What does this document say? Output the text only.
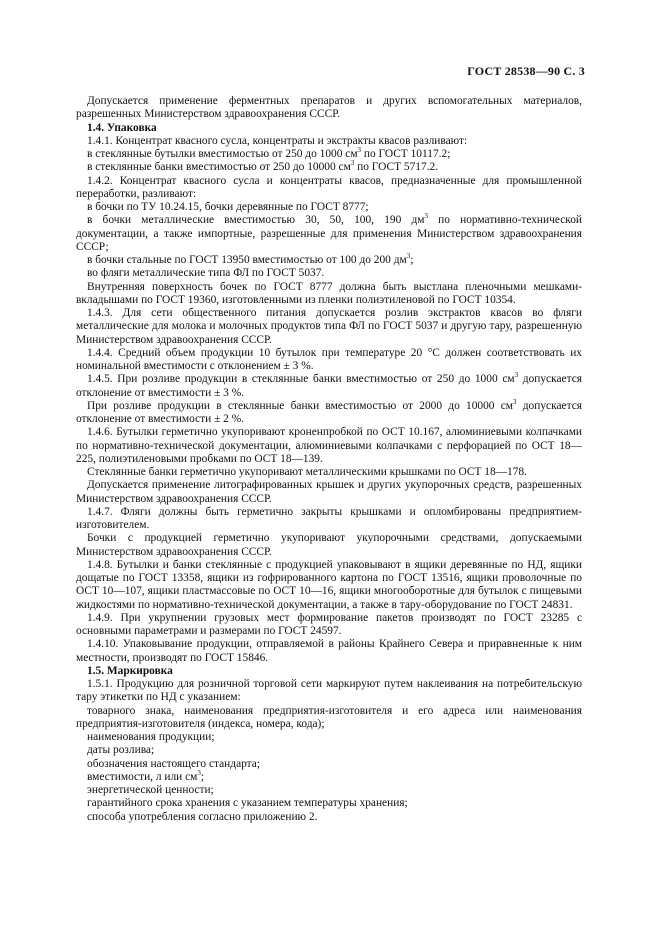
ГОСТ 28538—90 С. 3

Допускается применение ферментных препаратов и других вспомогательных материалов, разрешенных Министерством здравоохранения СССР.

1.4. Упаковка

1.4.1. Концентрат квасного сусла, концентраты и экстракты квасов разливают:

в стеклянные бутылки вместимостью от 250 до 1000 $см^3$ по ГОСТ 10117.2;

в стеклянные банки вместимостью от 250 до 10000 $см^3$ по ГОСТ 5717.2.

1.4.2. Концентрат квасного сусла и концентраты квасов, предназначенные для промышленной переработки, разливают:

в бочки по ТУ 10.24.15, бочки деревянные по ГОСТ 8777;

в бочки металлические вместимостью 30, 50, 100, 190 $дм^3$ по нормативно-технической документации, а также импортные, разрешенные для применения Министерством здравоохранения СССР;

в бочки стальные по ГОСТ 13950 вместимостью от 100 до 200 $дм^3$;

во фляги металлические типа ФЛ по ГОСТ 5037.

Внутренняя поверхность бочек по ГОСТ 8777 должна быть выстлана пленочными мешками-вкладышами по ГОСТ 19360, изготовленными из пленки полиэтиленовой по ГОСТ 10354.

1.4.3. Для сети общественного питания допускается розлив экстрактов квасов во фляги металлические для молока и молочных продуктов типа ФЛ по ГОСТ 5037 и другую тару, разрешенную Министерством здравоохранения СССР.

1.4.4. Средний объем продукции 10 бутылок при температуре 20 °С должен соответствовать их номинальной вместимости с отклонением ± 3 %.

1.4.5. При розливе продукции в стеклянные банки вместимостью от 250 до 1000 $см^3$ допускается отклонение от вместимости ± 3 %.

При розливе продукции в стеклянные банки вместимостью от 2000 до 10000 $см^3$ допускается отклонение от вместимости ± 2 %.

1.4.6. Бутылки герметично укупоривают кроненпробкой по ОСТ 10.167, алюминиевыми колпачками по нормативно-технической документации, алюминиевыми колпачками с перфорацией по ОСТ 18—225, полиэтиленовыми пробками по ОСТ 18—139.

Стеклянные банки герметично укупоривают металлическими крышками по ОСТ 18—178.

Допускается применение литографированных крышек и других укупорочных средств, разрешенных Министерством здравоохранения СССР.

1.4.7. Фляги должны быть герметично закрыты крышками и опломбированы предприятием-изготовителем.

Бочки с продукцией герметично укупоривают укупорочными средствами, допускаемыми Министерством здравоохранения СССР.

1.4.8. Бутылки и банки стеклянные с продукцией упаковывают в ящики деревянные по НД, ящики дощатые по ГОСТ 13358, ящики из гофрированного картона по ГОСТ 13516, ящики проволочные по ОСТ 10—107, ящики пластмассовые по ОСТ 10—16, ящики многооборотные для бутылок с пищевыми жидкостями по нормативно-технической документации, а также в тару-оборудование по ГОСТ 24831.

1.4.9. При укрупнении грузовых мест формирование пакетов производят по ГОСТ 23285 с основными параметрами и размерами по ГОСТ 24597.

1.4.10. Упаковывание продукции, отправляемой в районы Крайнего Севера и приравненные к ним местности, производят по ГОСТ 15846.

1.5. Маркировка

1.5.1. Продукцию для розничной торговой сети маркируют путем наклеивания на потребительскую тару этикетки по НД с указанием:

товарного знака, наименования предприятия-изготовителя и его адреса или наименования предприятия-изготовителя (индекса, номера, кода);

наименования продукции;

даты розлива;

обозначения настоящего стандарта;

вместимости, л или $см^3$;

энергетической ценности;

гарантийного срока хранения с указанием температуры хранения;

способа употребления согласно приложению 2.
